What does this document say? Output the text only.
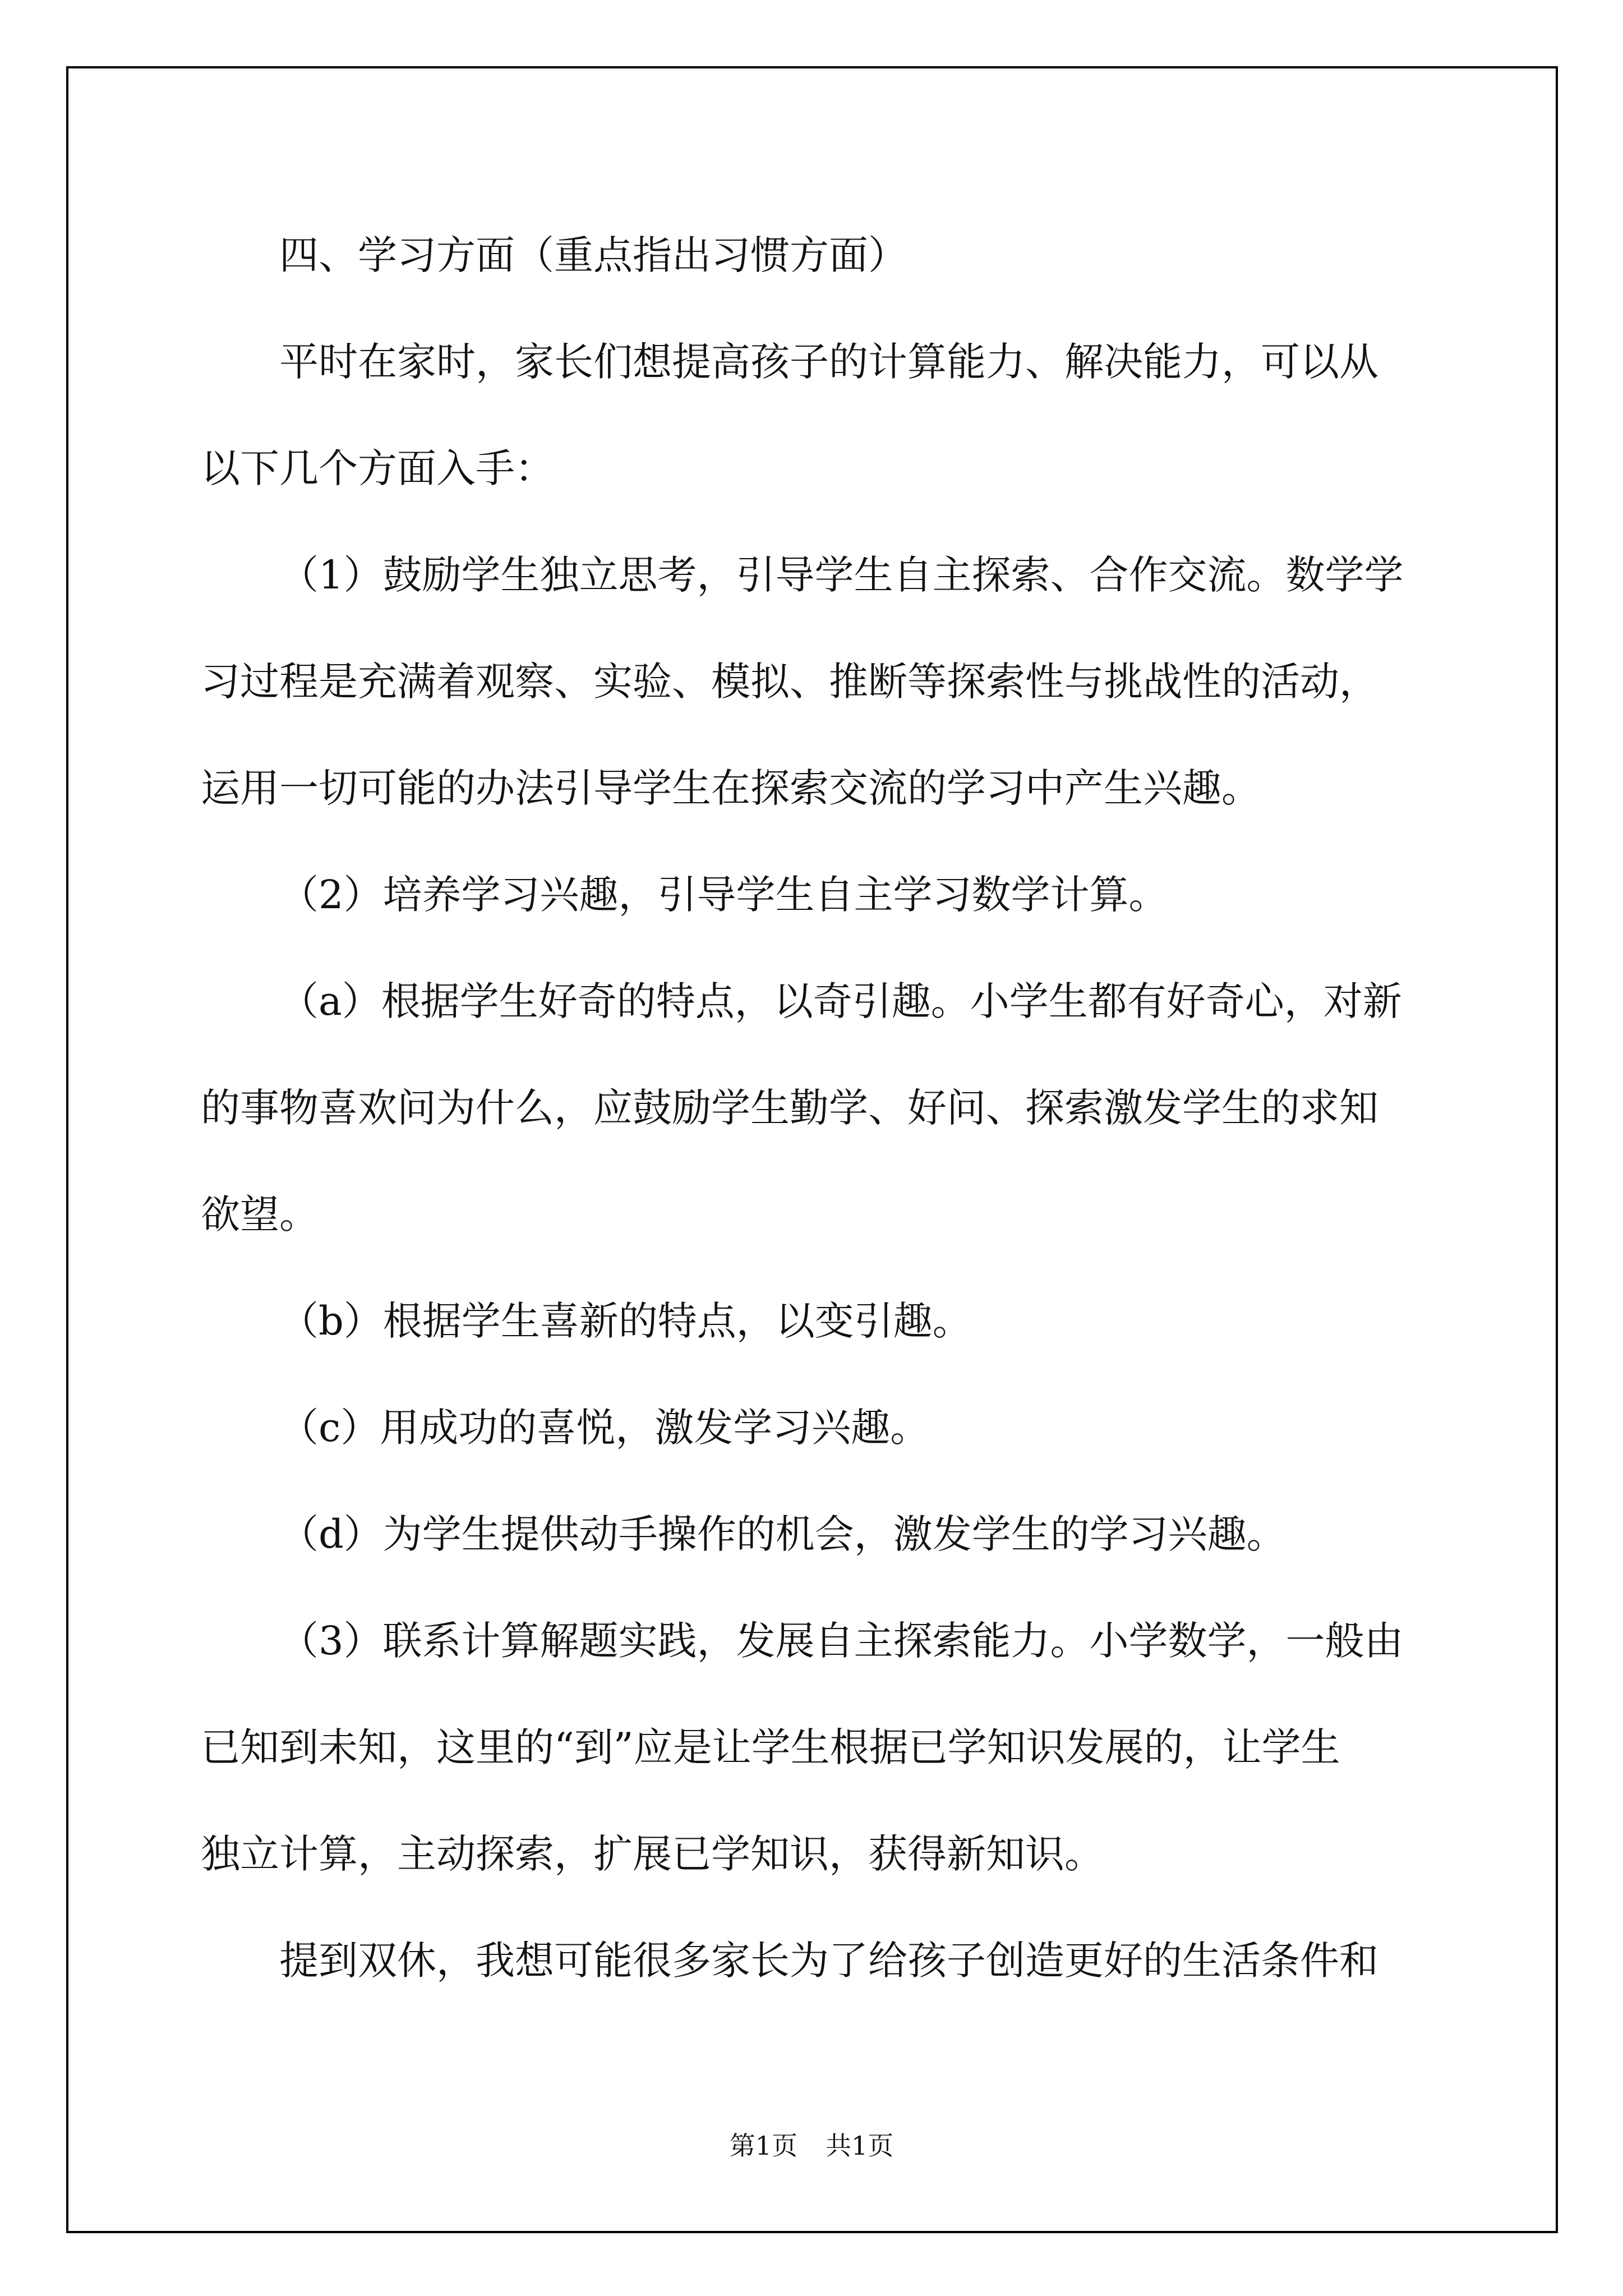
四、学习方面（重点指出习惯方面）

平时在家时，家长们想提高孩子的计算能力、解决能力，可以从

以下几个方面入手：

（1）鼓励学生独立思考，引导学生自主探索、合作交流。数学学

习过程是充满着观察、实验、模拟、推断等探索性与挑战性的活动，

运用一切可能的办法引导学生在探索交流的学习中产生兴趣。

（2）培养学习兴趣，引导学生自主学习数学计算。

（a）根据学生好奇的特点，以奇引趣。小学生都有好奇心，对新

的事物喜欢问为什么，应鼓励学生勤学、好问、探索激发学生的求知

欲望。

（b）根据学生喜新的特点，以变引趣。

（c）用成功的喜悦，激发学习兴趣。

（d）为学生提供动手操作的机会，激发学生的学习兴趣。

（3）联系计算解题实践，发展自主探索能力。小学数学，一般由

已知到未知，这里的“到”应是让学生根据已学知识发展的，让学生

独立计算，主动探索，扩展已学知识，获得新知识。

提到双休，我想可能很多家长为了给孩子创造更好的生活条件和

第1页 共1页
